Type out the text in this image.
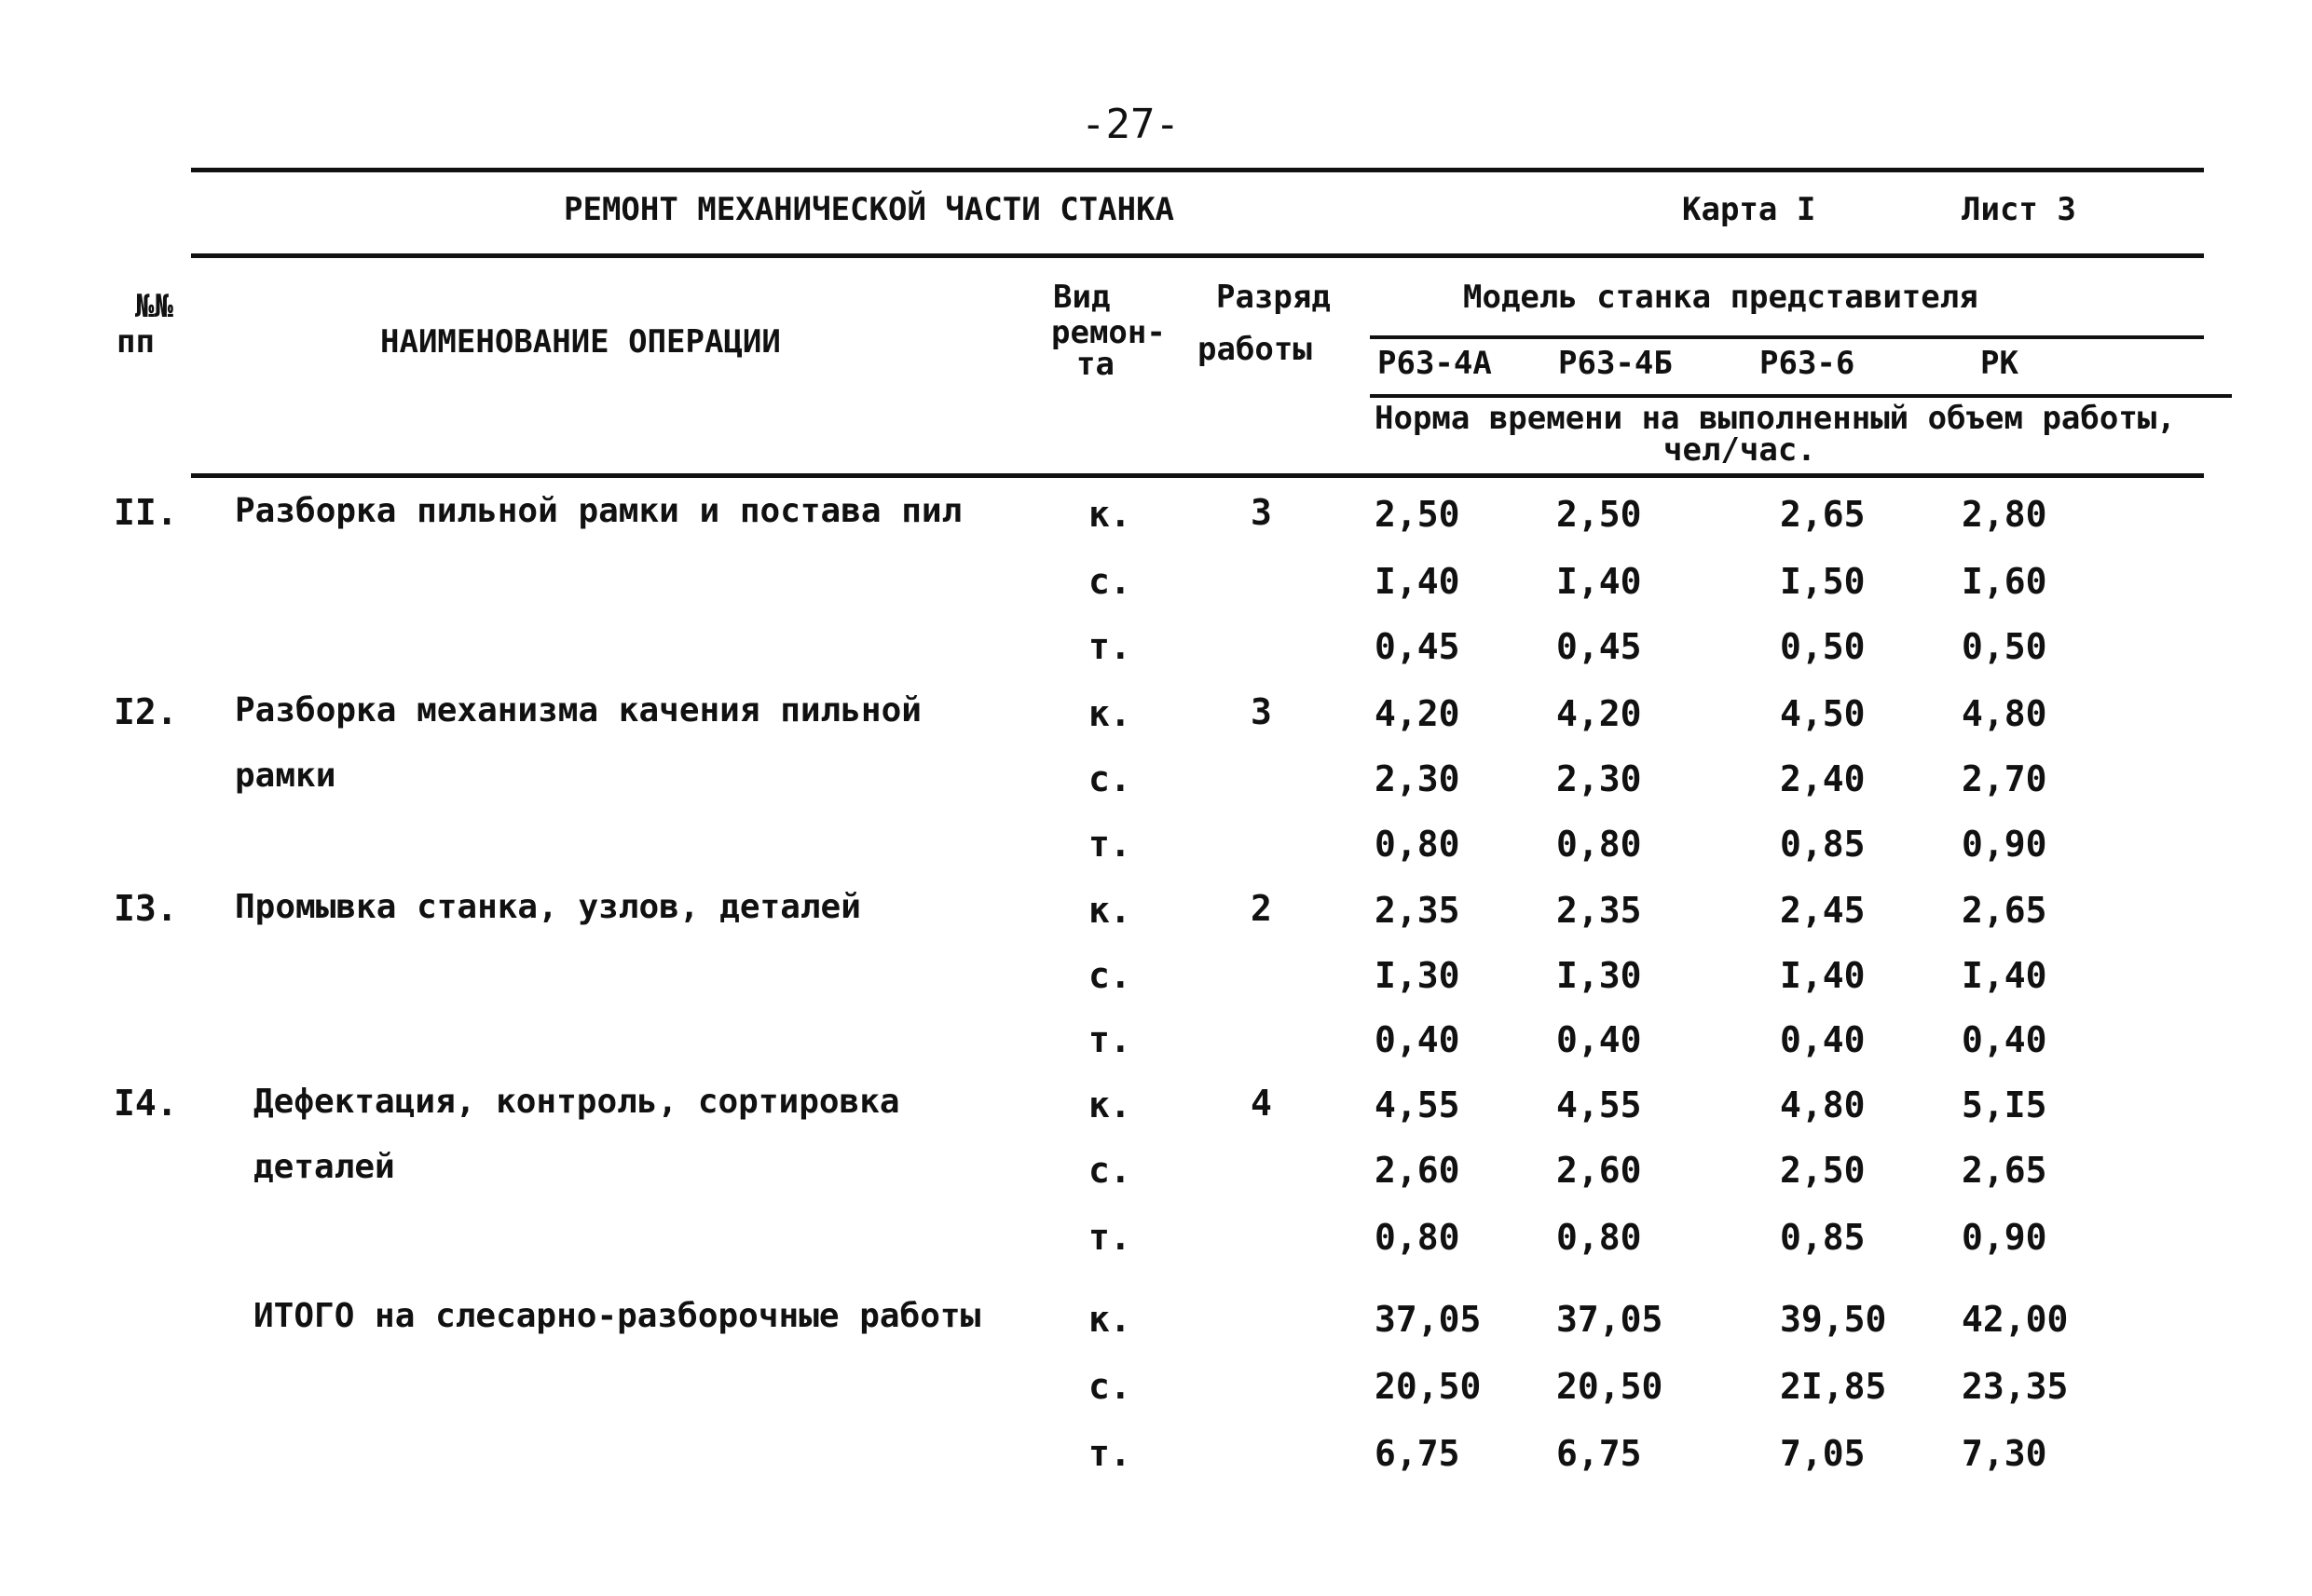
-27-
РЕМОНТ МЕХАНИЧЕСКОЙ ЧАСТИ СТАНКА	Карта I	Лист 3
№№
пп	НАИМЕНОВАНИЕ ОПЕРАЦИИ
Вид
ремон-
та
Разряд
работы
Модель станка представителя
Р63-4А Р63-4Б	Р63-6	РК
Норма времени на выполненный объем работы,
чел/час.
II. Разборка пильной рамки и постава пил	к.	3	2,50	2,50	2,65	2,80
с.	I,40	I,40	I,50	I,60
т.	0,45	0,45	0,50	0,50
I2. Разборка механизма качения пильной
рамки
к.	3	4,20	4,20	4,50	4,80
с.	2,30	2,30	2,40	2,70
т.	0,80	0,80	0,85	0,90
I3. Промывка станка, узлов, деталей	к.	2	2,35	2,35	2,45	2,65
с.	I,30	I,30	I,40	I,40
т.	0,40	0,40	0,40	0,40
I4. Дефектация, контроль, сортировка
деталей
к.	4	4,55	4,55	4,80	5,I5
с.	2,60	2,60	2,50	2,65
т.	0,80	0,80	0,85	0,90
ИТОГО на слесарно-разборочные работы	к.	37,05 37,05	39,50 42,00
с.	20,50 20,50	2I,85 23,35
т.	6,75	6,75	7,05	7,30
